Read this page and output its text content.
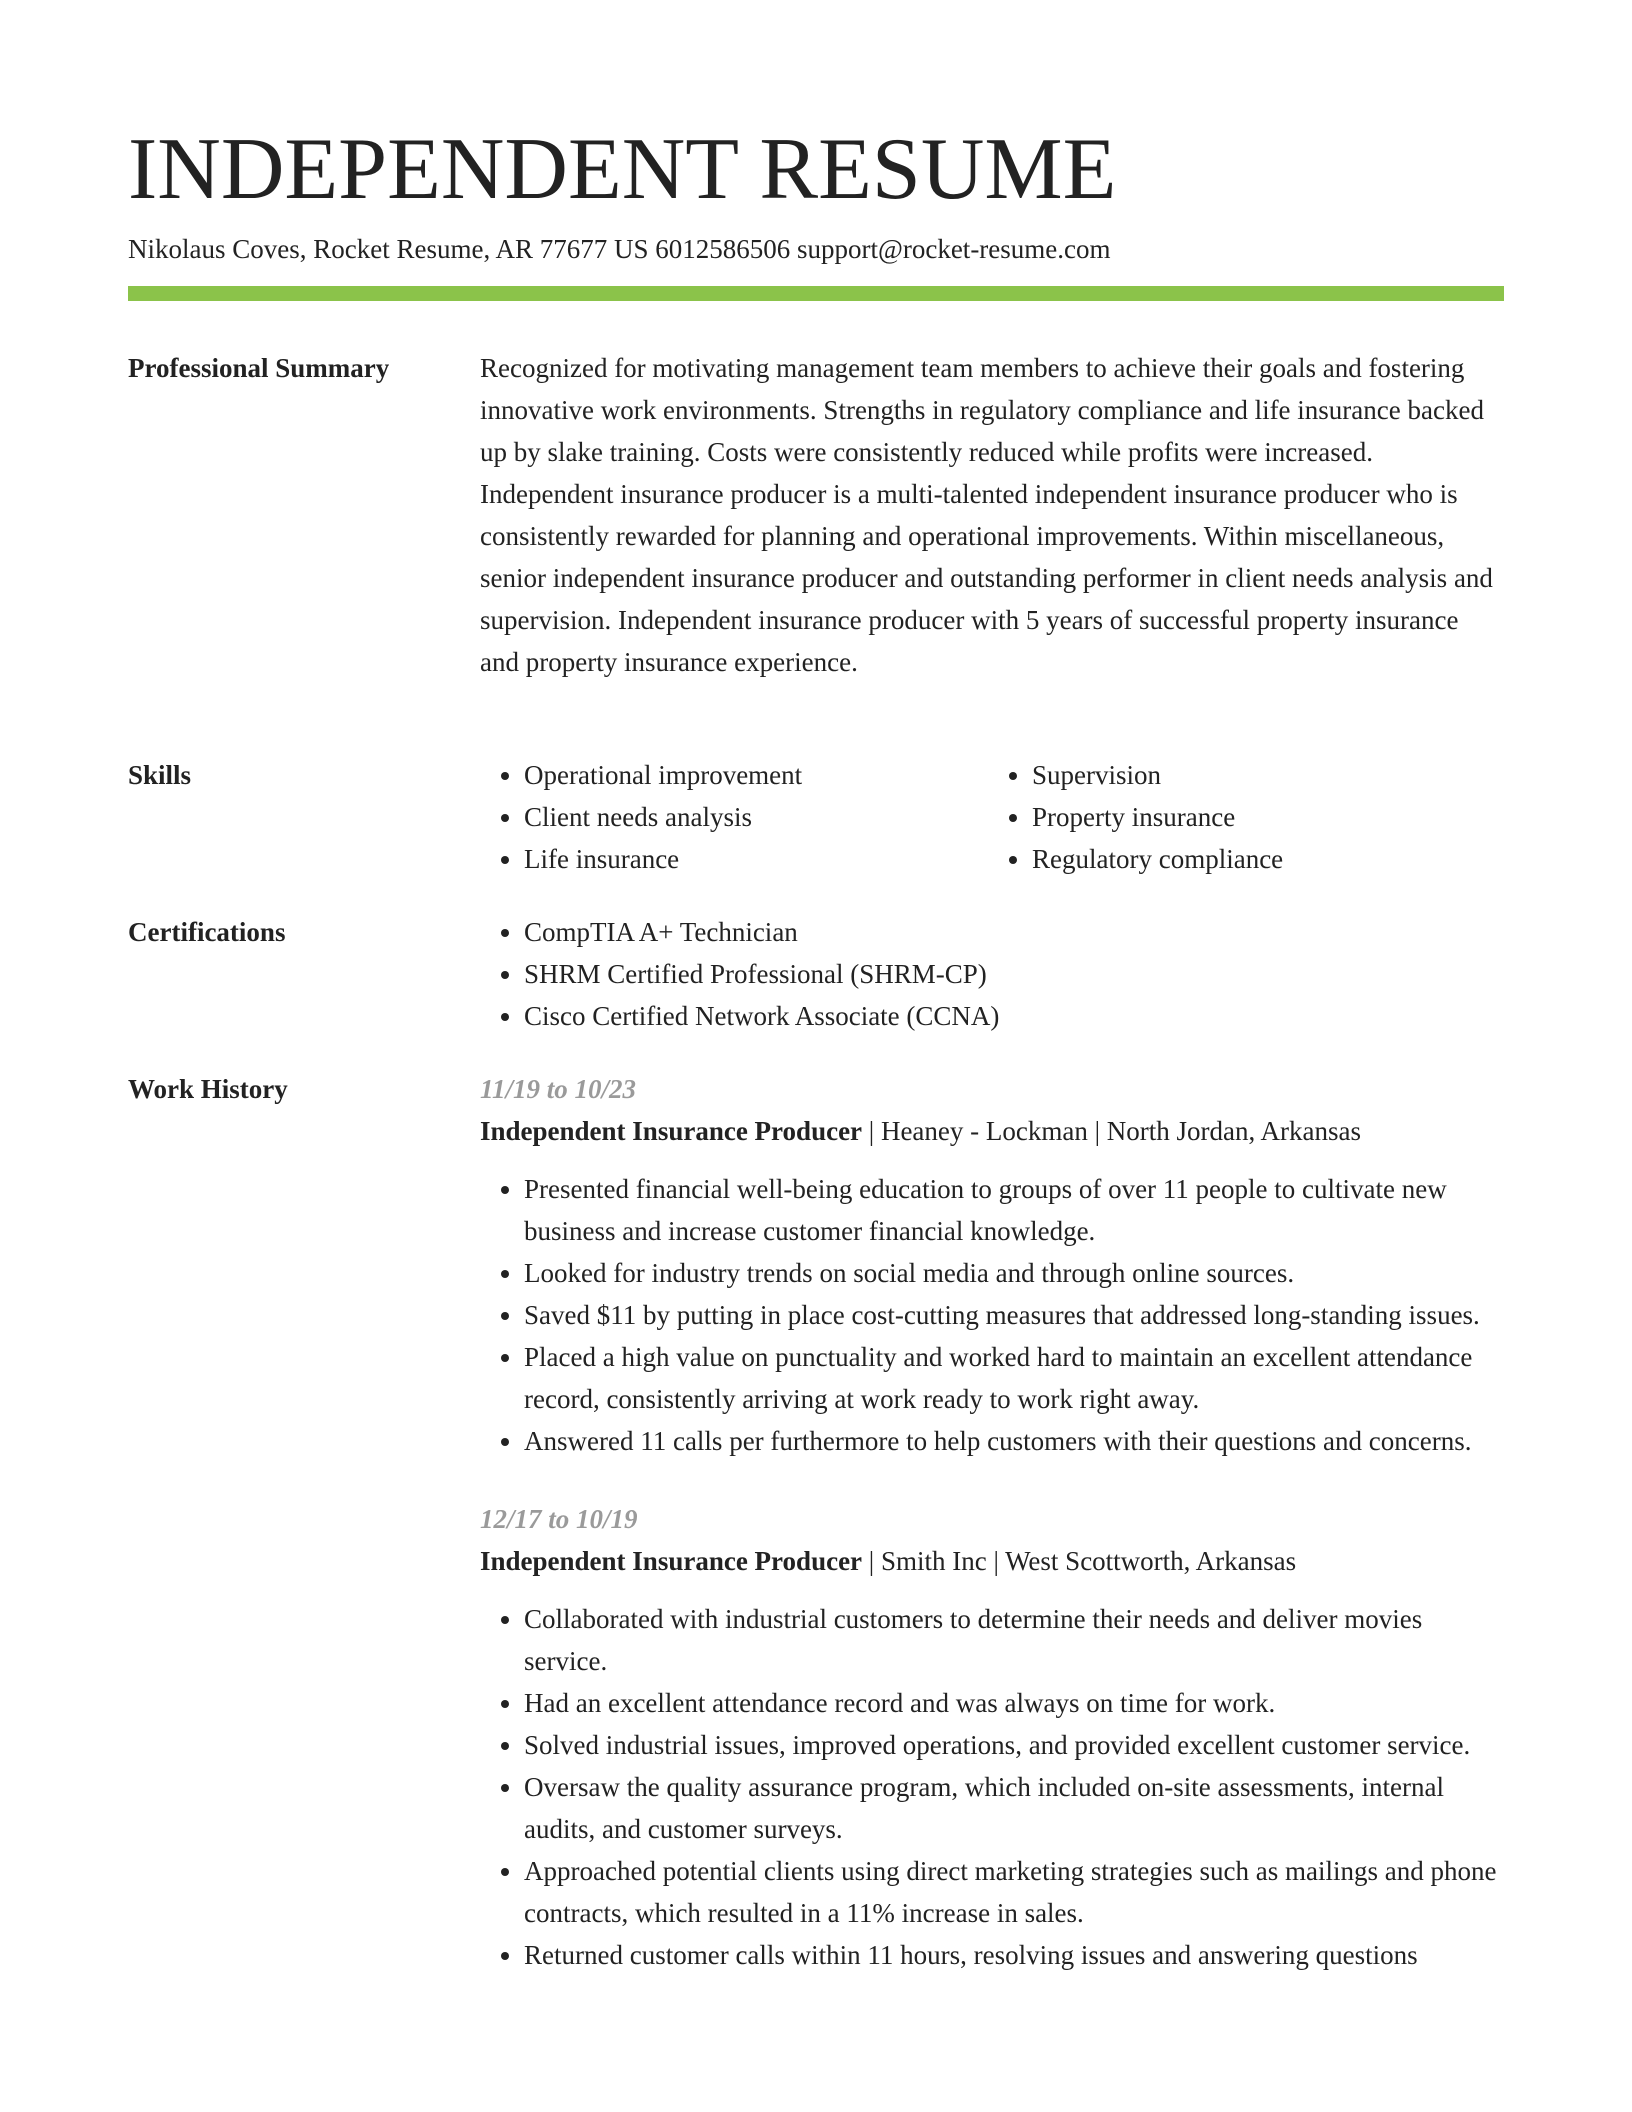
INDEPENDENT RESUME
Nikolaus Coves, Rocket Resume, AR 77677 US 6012586506 support@rocket-resume.com
Professional Summary	Recognized for motivating management team members to achieve their goals and fostering innovative work environments. Strengths in regulatory compliance and life insurance backed up by slake training. Costs were consistently reduced while profits were increased. Independent insurance producer is a multi-talented independent insurance producer who is consistently rewarded for planning and operational improvements. Within miscellaneous, senior independent insurance producer and outstanding performer in client needs analysis and supervision. Independent insurance producer with 5 years of successful property insurance and property insurance experience.

Skills	• Operational improvement
• Client needs analysis
• Life insurance
• Supervision
• Property insurance
• Regulatory compliance
Certifications	• CompTIA A+ Technician
• SHRM Certified Professional (SHRM-CP)
• Cisco Certified Network Associate (CCNA)
Work History	11/19 to 10/23
Independent Insurance Producer | Heaney - Lockman | North Jordan, Arkansas
• Presented financial well-being education to groups of over 11 people to cultivate new business and increase customer financial knowledge.
• Looked for industry trends on social media and through online sources.
• Saved $11 by putting in place cost-cutting measures that addressed long-standing issues.
• Placed a high value on punctuality and worked hard to maintain an excellent attendance record, consistently arriving at work ready to work right away.
• Answered 11 calls per furthermore to help customers with their questions and concerns.
12/17 to 10/19
Independent Insurance Producer | Smith Inc | West Scottworth, Arkansas
• Collaborated with industrial customers to determine their needs and deliver movies service.
• Had an excellent attendance record and was always on time for work.
• Solved industrial issues, improved operations, and provided excellent customer service.
• Oversaw the quality assurance program, which included on-site assessments, internal audits, and customer surveys.
• Approached potential clients using direct marketing strategies such as mailings and phone contracts, which resulted in a 11% increase in sales.
• Returned customer calls within 11 hours, resolving issues and answering questions
